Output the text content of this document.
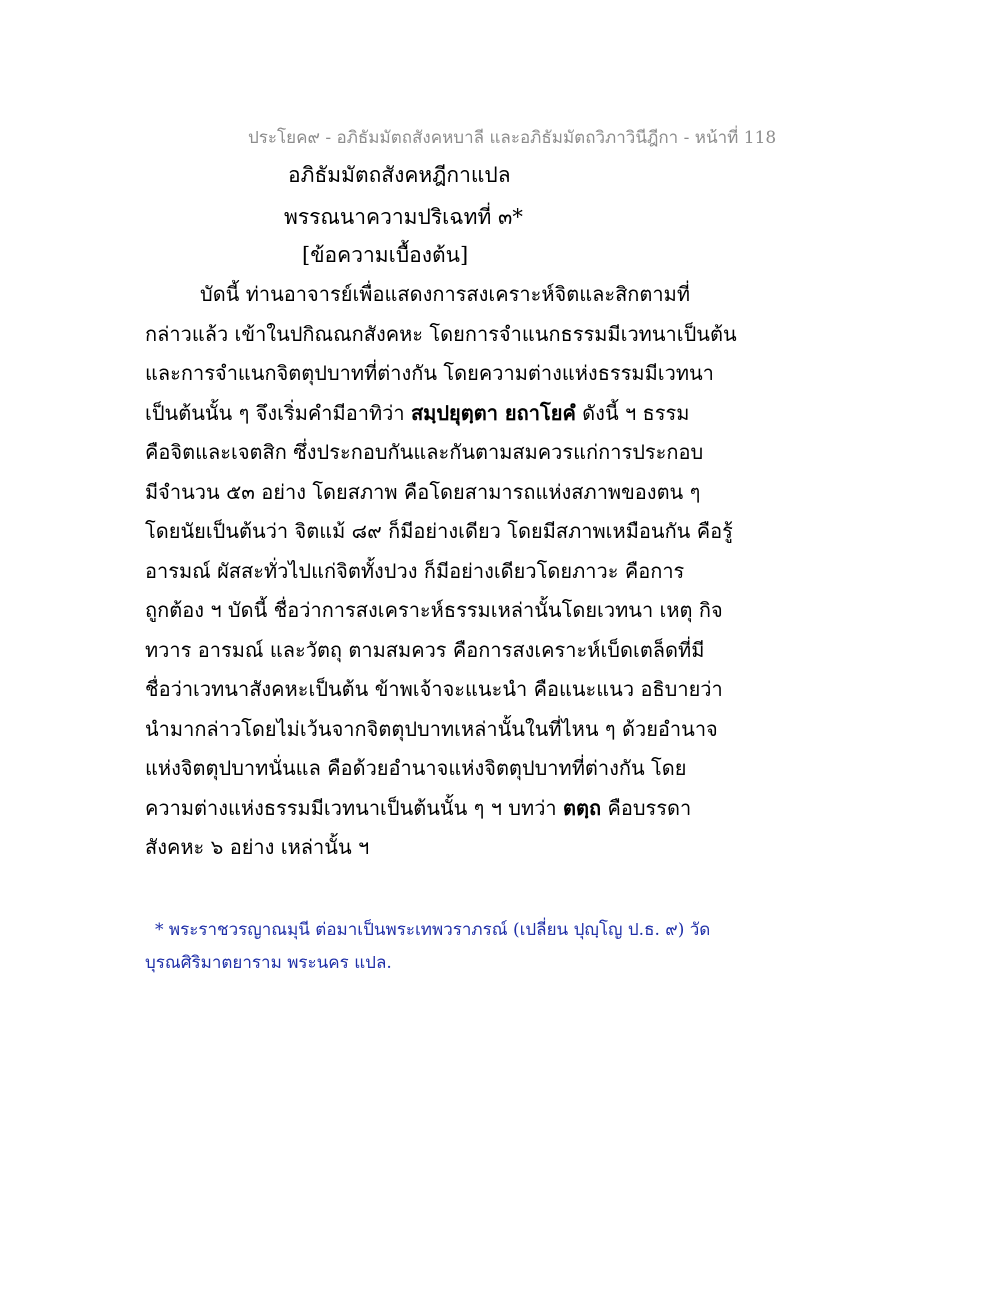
ประโยค๙ - อภิธัมมัตถสังคหบาลี และอภิธัมมัตถวิภาวินีฎีกา - หน้าที่ 118
อภิธัมมัตถสังคหฎีกาแปล
พรรณนาความปริเฉทที่ ๓*
[ข้อความเบื้องต้น]
บัดนี้ ท่านอาจารย์เพื่อแสดงการสงเคราะห์จิตและสิกตามที่
กล่าวแล้ว เข้าในปกิณณกสังคหะ โดยการจำแนกธรรมมีเวทนาเป็นต้น
และการจำแนกจิตตุปบาทที่ต่างกัน โดยความต่างแห่งธรรมมีเวทนา
เป็นต้นนั้น ๆ จึงเริ่มคำมีอาทิว่า สมฺปยุตฺตา ยถาโยคํ ดังนี้ ฯ ธรรม
คือจิตและเจตสิก ซึ่งประกอบกันและกันตามสมควรแก่การประกอบ
มีจำนวน ๕๓ อย่าง โดยสภาพ คือโดยสามารถแห่งสภาพของตน ๆ
โดยนัยเป็นต้นว่า จิตแม้ ๘๙ ก็มีอย่างเดียว โดยมีสภาพเหมือนกัน คือรู้
อารมณ์ ผัสสะทั่วไปแก่จิตทั้งปวง ก็มีอย่างเดียวโดยภาวะ คือการ
ถูกต้อง ฯ บัดนี้ ชื่อว่าการสงเคราะห์ธรรมเหล่านั้นโดยเวทนา เหตุ กิจ
ทวาร อารมณ์ และวัตถุ ตามสมควร คือการสงเคราะห์เบ็ดเตล็ดที่มี
ชื่อว่าเวทนาสังคหะเป็นต้น ข้าพเจ้าจะแนะนำ คือแนะแนว อธิบายว่า
นำมากล่าวโดยไม่เว้นจากจิตตุปบาทเหล่านั้นในที่ไหน ๆ ด้วยอำนาจ
แห่งจิตตุปบาทนั่นแล คือด้วยอำนาจแห่งจิตตุปบาทที่ต่างกัน โดย
ความต่างแห่งธรรมมีเวทนาเป็นต้นนั้น ๆ ฯ บทว่า ตตฺถ คือบรรดา
สังคหะ ๖ อย่าง เหล่านั้น ฯ
* พระราชวรญาณมุนี ต่อมาเป็นพระเทพวราภรณ์ (เปลี่ยน ปุญฺโญ ป.ธ. ๙) วัด
บุรณศิริมาตยาราม พระนคร แปล.
